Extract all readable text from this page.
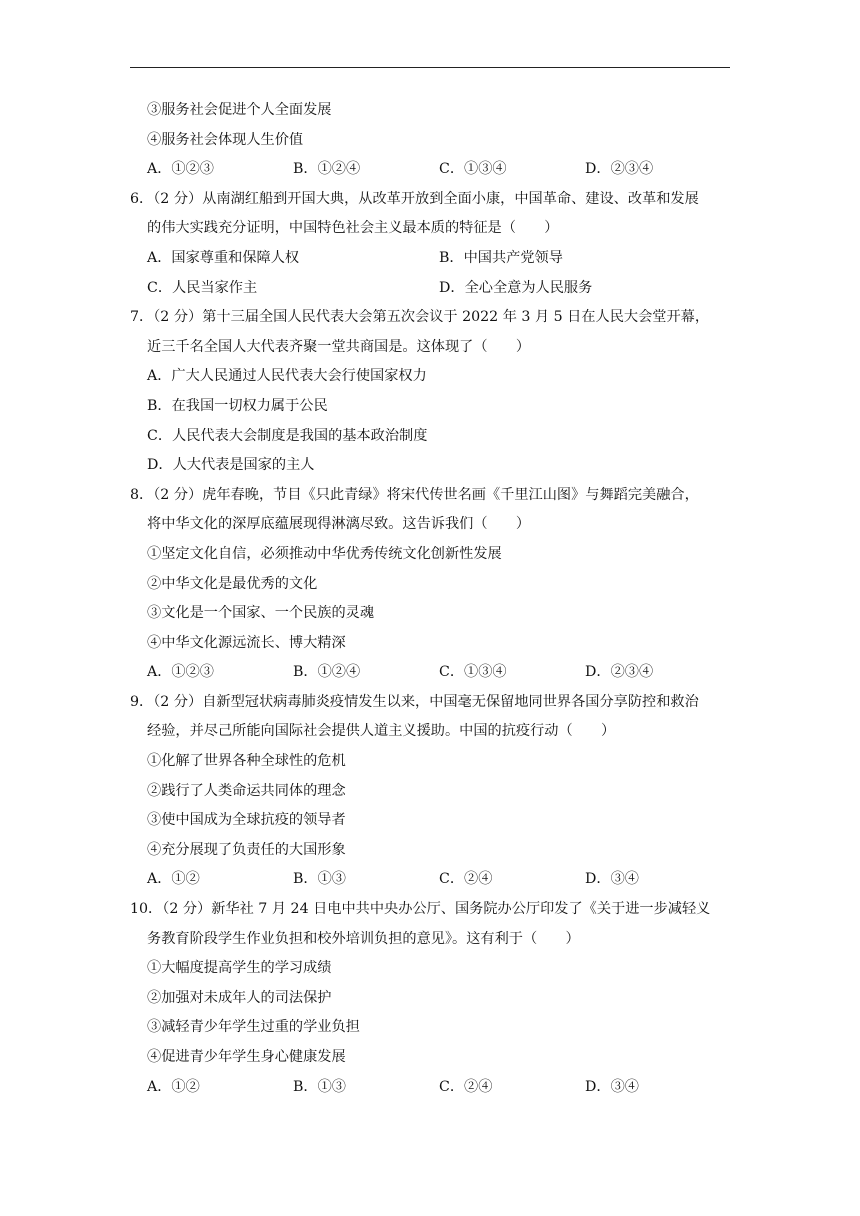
③服务社会促进个人全面发展
④服务社会体现人生价值
A．①②③	B．①②④	C．①③④	D．②③④
6．（2 分）从南湖红船到开国大典，从改革开放到全面小康，中国革命、建设、改革和发展
的伟大实践充分证明，中国特色社会主义最本质的特征是（　　）
A．国家尊重和保障人权	B．中国共产党领导
C．人民当家作主	D．全心全意为人民服务
7．（2 分）第十三届全国人民代表大会第五次会议于 2022 年 3 月 5 日在人民大会堂开幕，
近三千名全国人大代表齐聚一堂共商国是。这体现了（　　）
A．广大人民通过人民代表大会行使国家权力
B．在我国一切权力属于公民
C．人民代表大会制度是我国的基本政治制度
D．人大代表是国家的主人
8．（2 分）虎年春晚，节目《只此青绿》将宋代传世名画《千里江山图》与舞蹈完美融合，
将中华文化的深厚底蕴展现得淋漓尽致。这告诉我们（　　）
①坚定文化自信，必须推动中华优秀传统文化创新性发展
②中华文化是最优秀的文化
③文化是一个国家、一个民族的灵魂
④中华文化源远流长、博大精深
A．①②③	B．①②④	C．①③④	D．②③④
9．（2 分）自新型冠状病毒肺炎疫情发生以来，中国毫无保留地同世界各国分享防控和救治
经验，并尽己所能向国际社会提供人道主义援助。中国的抗疫行动（　　）
①化解了世界各种全球性的危机
②践行了人类命运共同体的理念
③使中国成为全球抗疫的领导者
④充分展现了负责任的大国形象
A．①②	B．①③	C．②④	D．③④
10．（2 分）新华社 7 月 24 日电中共中央办公厅、国务院办公厅印发了《关于进一步减轻义
务教育阶段学生作业负担和校外培训负担的意见》。这有利于（　　）
①大幅度提高学生的学习成绩
②加强对未成年人的司法保护
③减轻青少年学生过重的学业负担
④促进青少年学生身心健康发展
A．①②	B．①③	C．②④	D．③④
